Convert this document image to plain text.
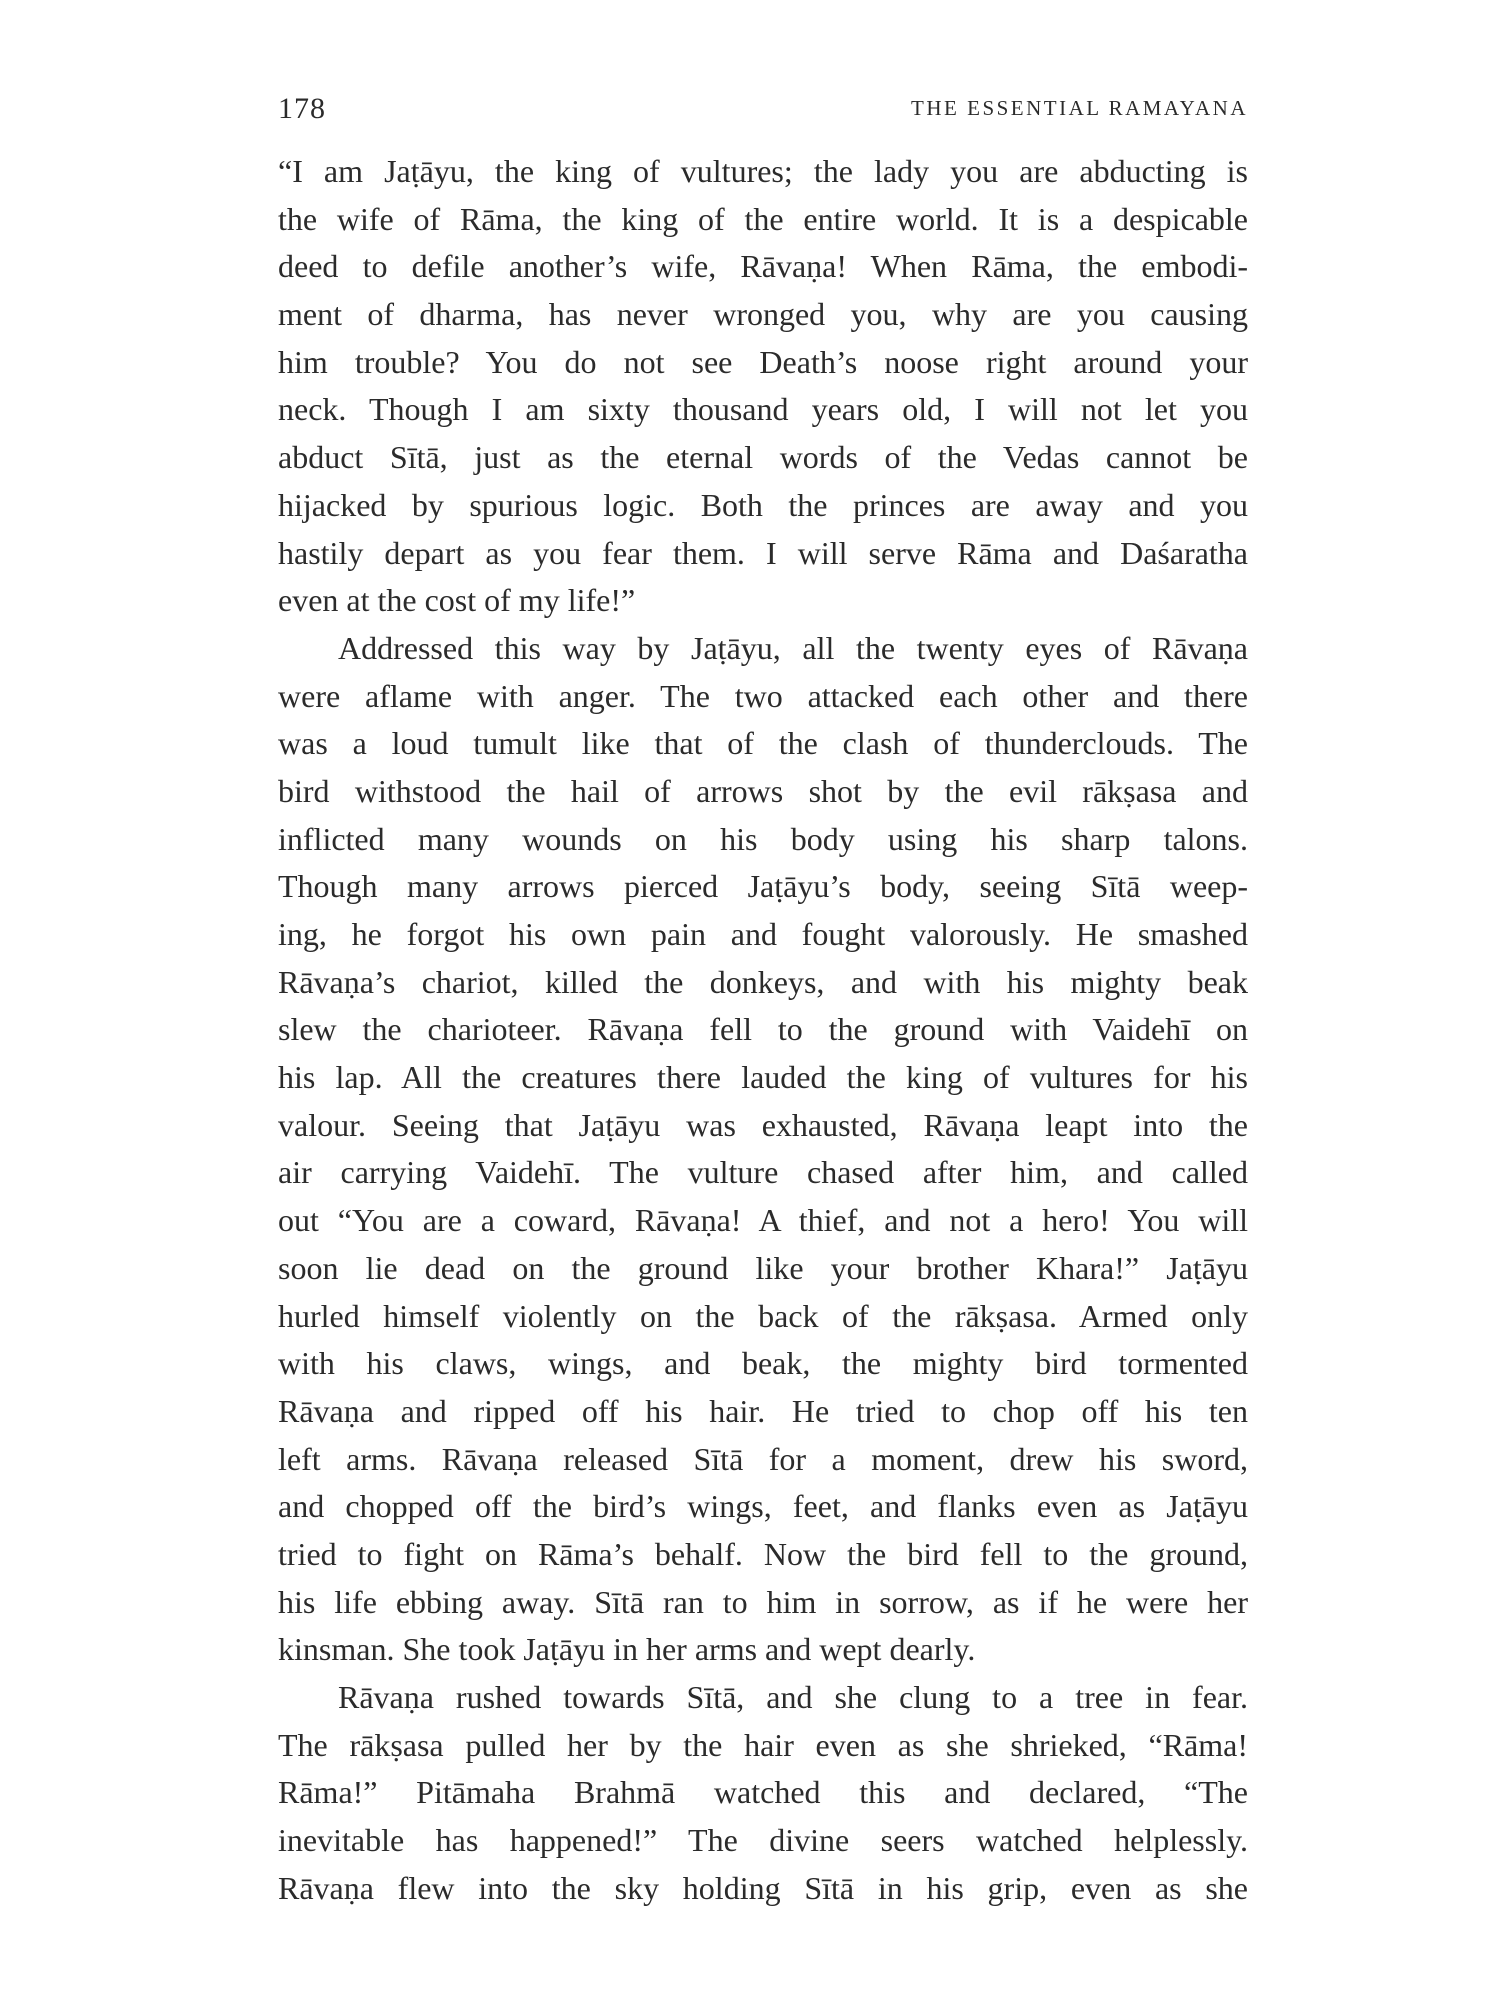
178	THE ESSENTIAL RAMAYANA
“I am Jaṭāyu, the king of vultures; the lady you are abducting is
the wife of Rāma, the king of the entire world. It is a despicable
deed to defile another’s wife, Rāvaṇa! When Rāma, the embodi-
ment of dharma, has never wronged you, why are you causing
him trouble? You do not see Death’s noose right around your
neck. Though I am sixty thousand years old, I will not let you
abduct Sītā, just as the eternal words of the Vedas cannot be
hijacked by spurious logic. Both the princes are away and you
hastily depart as you fear them. I will serve Rāma and Daśaratha
even at the cost of my life!”
Addressed this way by Jaṭāyu, all the twenty eyes of Rāvaṇa
were aflame with anger. The two attacked each other and there
was a loud tumult like that of the clash of thunderclouds. The
bird withstood the hail of arrows shot by the evil rākṣasa and
inflicted many wounds on his body using his sharp talons.
Though many arrows pierced Jaṭāyu’s body, seeing Sītā weep-
ing, he forgot his own pain and fought valorously. He smashed
Rāvaṇa’s chariot, killed the donkeys, and with his mighty beak
slew the charioteer. Rāvaṇa fell to the ground with Vaidehī on
his lap. All the creatures there lauded the king of vultures for his
valour. Seeing that Jaṭāyu was exhausted, Rāvaṇa leapt into the
air carrying Vaidehī. The vulture chased after him, and called
out “You are a coward, Rāvaṇa! A thief, and not a hero! You will
soon lie dead on the ground like your brother Khara!” Jaṭāyu
hurled himself violently on the back of the rākṣasa. Armed only
with his claws, wings, and beak, the mighty bird tormented
Rāvaṇa and ripped off his hair. He tried to chop off his ten
left arms. Rāvaṇa released Sītā for a moment, drew his sword,
and chopped off the bird’s wings, feet, and flanks even as Jaṭāyu
tried to fight on Rāma’s behalf. Now the bird fell to the ground,
his life ebbing away. Sītā ran to him in sorrow, as if he were her
kinsman. She took Jaṭāyu in her arms and wept dearly.
Rāvaṇa rushed towards Sītā, and she clung to a tree in fear.
The rākṣasa pulled her by the hair even as she shrieked, “Rāma!
Rāma!” Pitāmaha Brahmā watched this and declared, “The
inevitable has happened!” The divine seers watched helplessly.
Rāvaṇa flew into the sky holding Sītā in his grip, even as she
